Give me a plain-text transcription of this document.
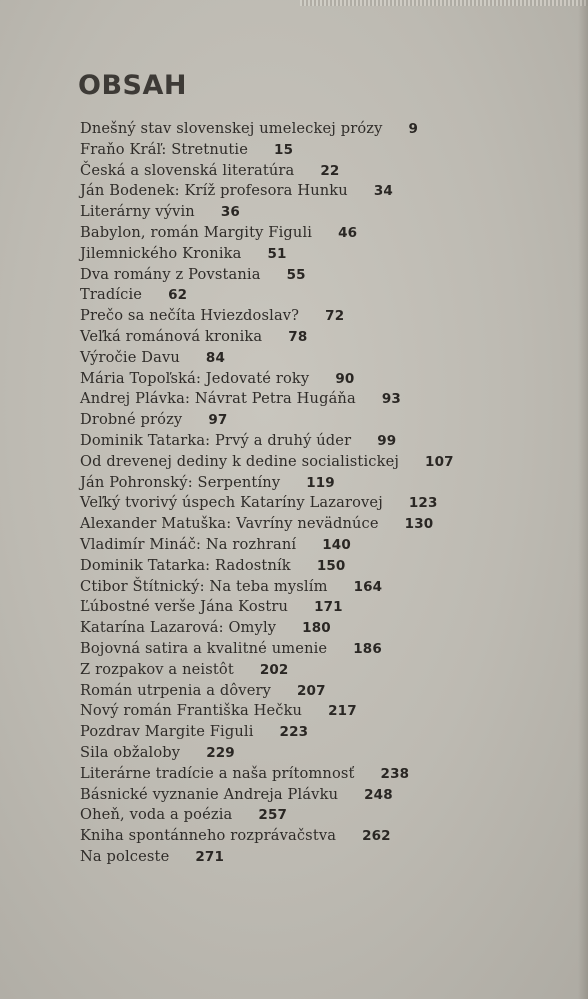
OBSAH
Dnešný stav slovenskej umeleckej prózy 9
Fraňo Kráľ: Stretnutie 15
Česká a slovenská literatúra 22
Ján Bodenek: Kríž profesora Hunku 34
Literárny vývin 36
Babylon, román Margity Figuli 46
Jilemnického Kronika 51
Dva romány z Povstania 55
Tradície 62
Prečo sa nečíta Hviezdoslav? 72
Veľká románová kronika 78
Výročie Davu 84
Mária Topoľská: Jedovaté roky 90
Andrej Plávka: Návrat Petra Hugáňa 93
Drobné prózy 97
Dominik Tatarka: Prvý a druhý úder 99
Od drevenej dediny k dedine socialistickej 107
Ján Pohronský: Serpentíny 119
Veľký tvorivý úspech Kataríny Lazarovej 123
Alexander Matuška: Vavríny nevädnúce 130
Vladimír Mináč: Na rozhraní 140
Dominik Tatarka: Radostník 150
Ctibor Štítnický: Na teba myslím 164
Ľúbostné verše Jána Kostru 171
Katarína Lazarová: Omyly 180
Bojovná satira a kvalitné umenie 186
Z rozpakov a neistôt 202
Román utrpenia a dôvery 207
Nový román Františka Hečku 217
Pozdrav Margite Figuli 223
Sila obžaloby 229
Literárne tradície a naša prítomnosť 238
Básnické vyznanie Andreja Plávku 248
Oheň, voda a poézia 257
Kniha spontánneho rozprávačstva 262
Na polceste 271
